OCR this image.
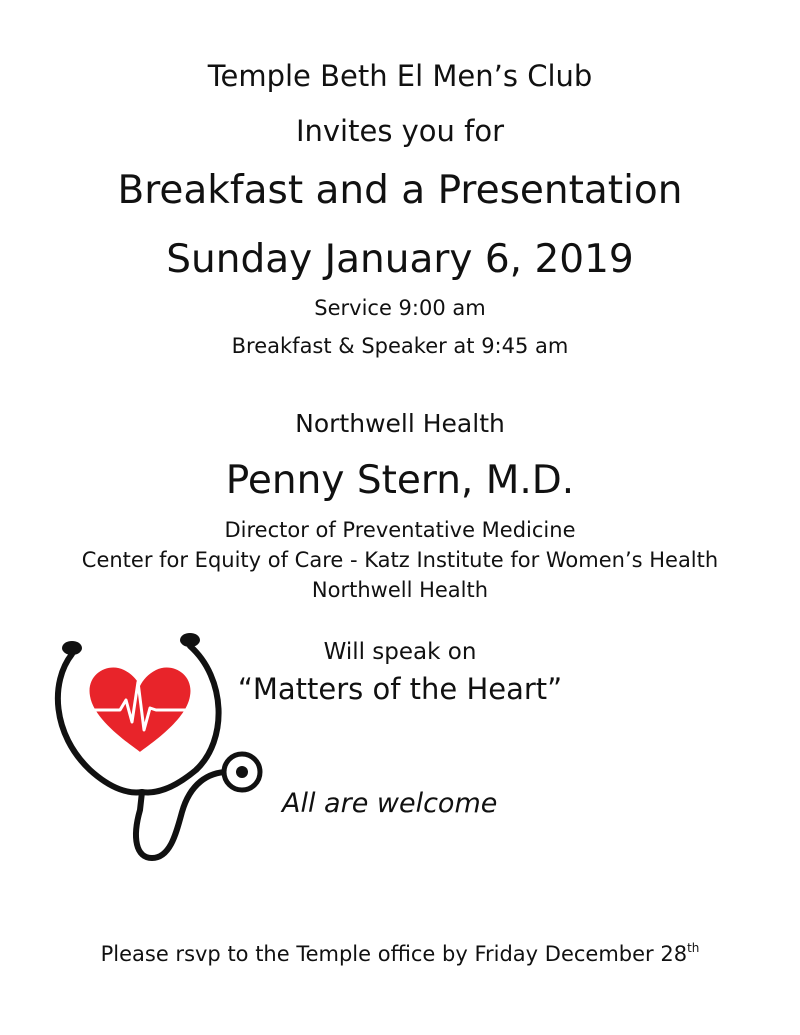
Temple Beth El Men’s Club
Invites you for
Breakfast and a Presentation
Sunday January 6, 2019
Service 9:00 am
Breakfast & Speaker at 9:45 am
Northwell Health
Penny Stern, M.D.
Director of Preventative Medicine
Center for Equity of Care - Katz Institute for Women’s Health
Northwell Health
Will speak on
“Matters of the Heart”
All are welcome
Please rsvp to the Temple office by Friday December 28th
